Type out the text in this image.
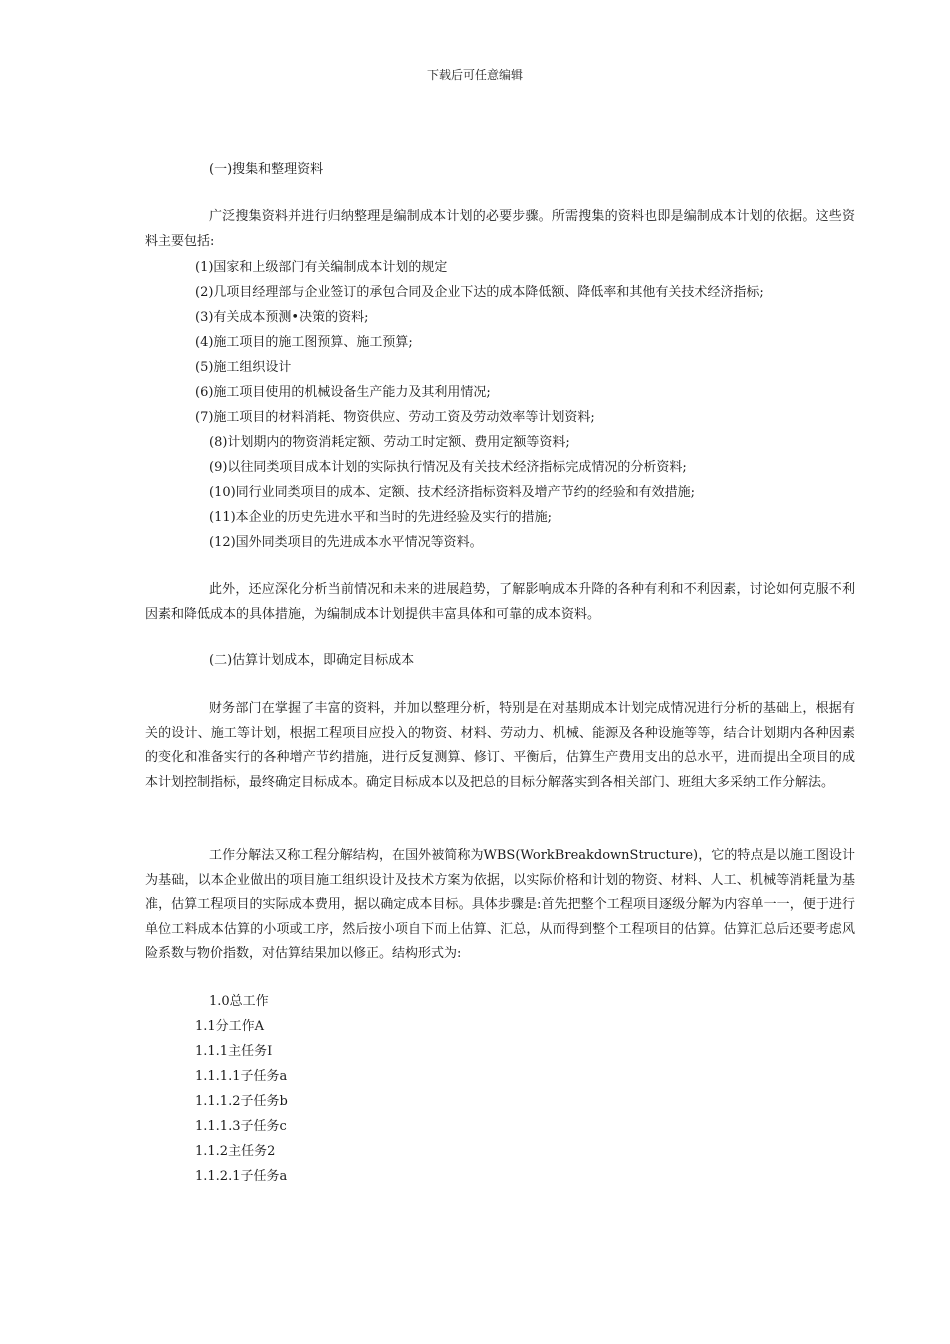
下载后可任意编辑
(一)搜集和整理资料
广泛搜集资料并进行归纳整理是编制成本计划的必要步骤。所需搜集的资料也即是编制成本计划的依据。这些资料主要包括:
(1)国家和上级部门有关编制成本计划的规定
(2)几项目经理部与企业签订的承包合同及企业下达的成本降低额、降低率和其他有关技术经济指标;
(3)有关成本预测•决策的资料;
(4)施工项目的施工图预算、施工预算;
(5)施工组织设计
(6)施工项目使用的机械设备生产能力及其利用情况;
(7)施工项目的材料消耗、物资供应、劳动工资及劳动效率等计划资料;
(8)计划期内的物资消耗定额、劳动工时定额、费用定额等资料;
(9)以往同类项目成本计划的实际执行情况及有关技术经济指标完成情况的分析资料;
(10)同行业同类项目的成本、定额、技术经济指标资料及增产节约的经验和有效措施;
(11)本企业的历史先进水平和当时的先进经验及实行的措施;
(12)国外同类项目的先进成本水平情况等资料。
此外，还应深化分析当前情况和未来的进展趋势，了解影响成本升降的各种有利和不利因素，讨论如何克服不利因素和降低成本的具体措施，为编制成本计划提供丰富具体和可靠的成本资料。
(二)估算计划成本，即确定目标成本
财务部门在掌握了丰富的资料，并加以整理分析，特别是在对基期成本计划完成情况进行分析的基础上，根据有关的设计、施工等计划，根据工程项目应投入的物资、材料、劳动力、机械、能源及各种设施等等，结合计划期内各种因素的变化和准备实行的各种增产节约措施，进行反复测算、修订、平衡后，估算生产费用支出的总水平，进而提出全项目的成本计划控制指标，最终确定目标成本。确定目标成本以及把总的目标分解落实到各相关部门、班组大多采纳工作分解法。
工作分解法又称工程分解结构，在国外被简称为WBS(WorkBreakdownStructure)，它的特点是以施工图设计为基础，以本企业做出的项目施工组织设计及技术方案为依据，以实际价格和计划的物资、材料、人工、机械等消耗量为基准，估算工程项目的实际成本费用，据以确定成本目标。具体步骤是:首先把整个工程项目逐级分解为内容单一一，便于进行单位工料成本估算的小项或工序，然后按小项自下而上估算、汇总，从而得到整个工程项目的估算。估算汇总后还要考虑风险系数与物价指数，对估算结果加以修正。结构形式为:
1.0总工作
1.1分工作A
1.1.1主任务I
1.1.1.1子任务a
1.1.1.2子任务b
1.1.1.3子任务c
1.1.2主任务2
1.1.2.1子任务a
